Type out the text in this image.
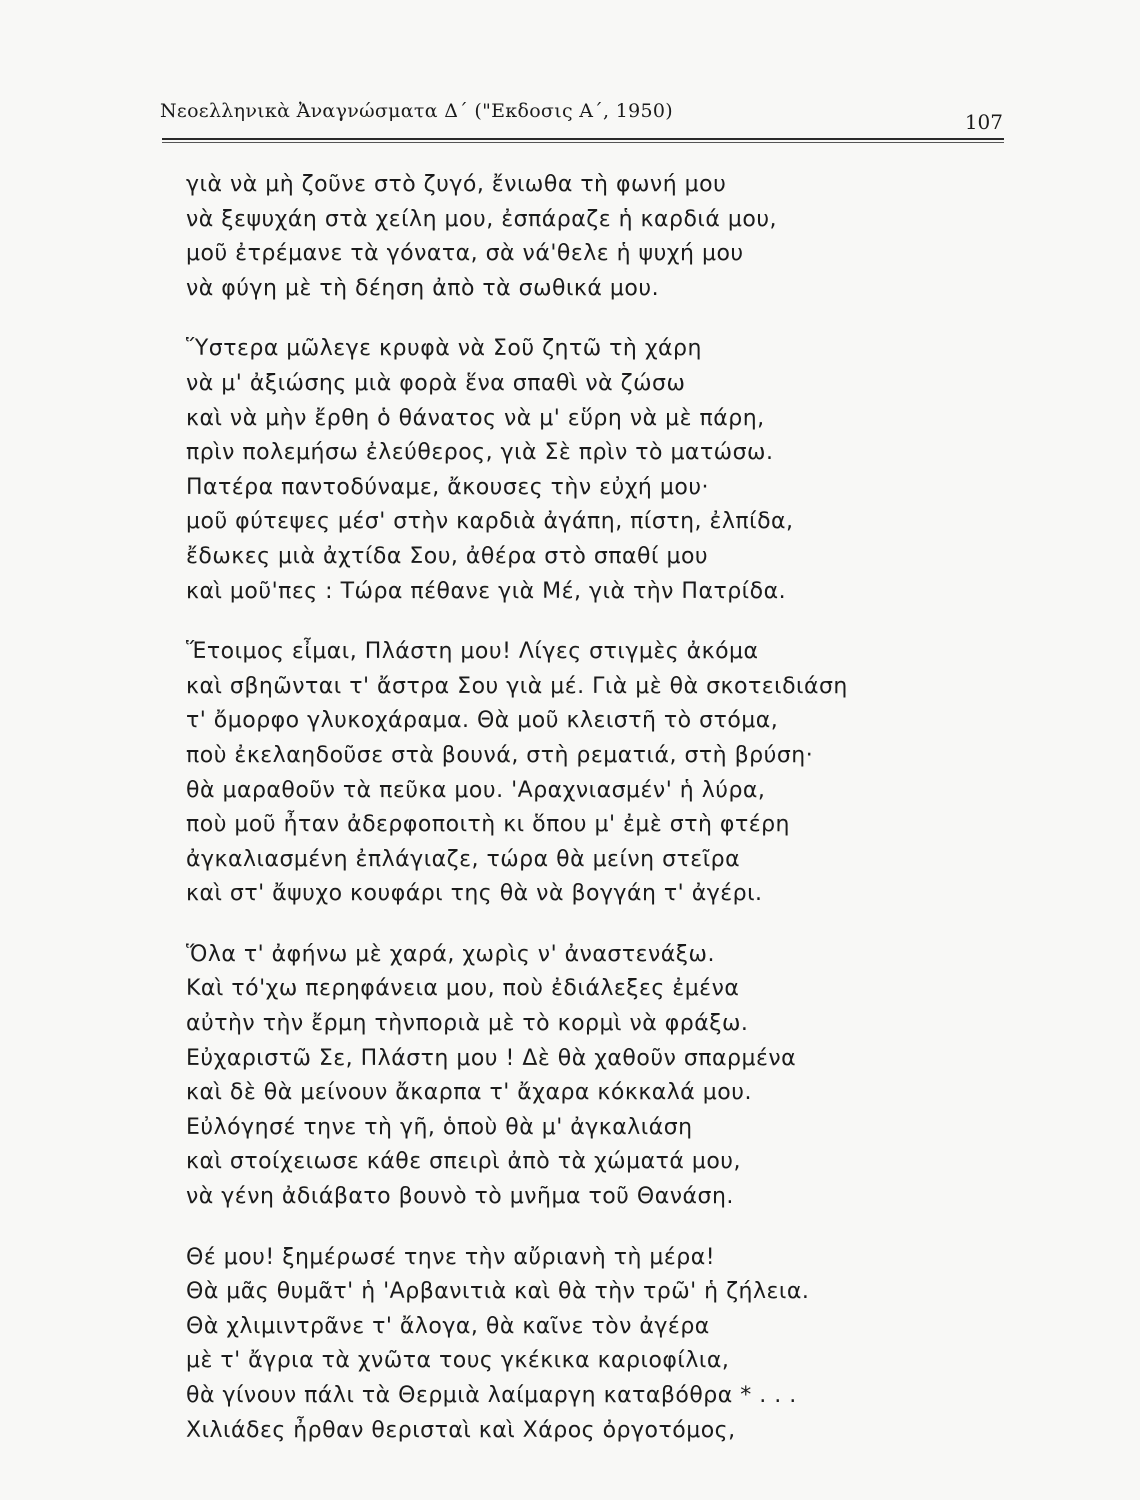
Νεοελληνικὰ Ἀναγνώσματα Δ΄ ("Εκδοσις Α΄, 1950)	107
γιὰ νὰ μὴ ζοῦνε στὸ ζυγό, ἔνιωθα τὴ φωνή μου
νὰ ξεψυχάη στὰ χείλη μου, ἐσπάραζε ἡ καρδιά μου,
μοῦ ἐτρέμανε τὰ γόνατα, σὰ νά'θελε ἡ ψυχή μου
νὰ φύγη μὲ τὴ δέηση ἀπὸ τὰ σωθικά μου.
Ὕστερα μῶλεγε κρυφὰ νὰ Σοῦ ζητῶ τὴ χάρη
νὰ μ' ἀξιώσης μιὰ φορὰ ἕνα σπαθὶ νὰ ζώσω
καὶ νὰ μὴν ἔρθη ὁ θάνατος νὰ μ' εὕρη νὰ μὲ πάρη,
πρὶν πολεμήσω ἐλεύθερος, γιὰ Σὲ πρὶν τὸ ματώσω.
Πατέρα παντοδύναμε, ἄκουσες τὴν εὐχή μου·
μοῦ φύτεψες μέσ' στὴν καρδιὰ ἀγάπη, πίστη, ἐλπίδα,
ἔδωκες μιὰ ἀχτίδα Σου, ἀθέρα στὸ σπαθί μου
καὶ μοῦ'πες : Τώρα πέθανε γιὰ Μέ, γιὰ τὴν Πατρίδα.
Ἕτοιμος εἶμαι, Πλάστη μου! Λίγες στιγμὲς ἀκόμα
καὶ σβηῶνται τ' ἄστρα Σου γιὰ μέ. Γιὰ μὲ θὰ σκοτειδιάση
τ' ὄμορφο γλυκοχάραμα. Θὰ μοῦ κλειστῆ τὸ στόμα,
ποὺ ἐκελαηδοῦσε στὰ βουνά, στὴ ρεματιά, στὴ βρύση·
θὰ μαραθοῦν τὰ πεῦκα μου. 'Αραχνιασμέν' ἡ λύρα,
ποὺ μοῦ ἦταν ἀδερφοποιτὴ κι ὅπου μ' ἐμὲ στὴ φτέρη
ἀγκαλιασμένη ἐπλάγιαζε, τώρα θὰ μείνη στεῖρα
καὶ στ' ἄψυχο κουφάρι της θὰ νὰ βογγάη τ' ἀγέρι.
Ὅλα τ' ἀφήνω μὲ χαρά, χωρὶς ν' ἀναστενάξω.
Καὶ τό'χω περηφάνεια μου, ποὺ ἐδιάλεξες ἐμένα
αὐτὴν τὴν ἔρμη τὴνποριὰ μὲ τὸ κορμὶ νὰ φράξω.
Εὐχαριστῶ Σε, Πλάστη μου ! Δὲ θὰ χαθοῦν σπαρμένα
καὶ δὲ θὰ μείνουν ἄκαρπα τ' ἄχαρα κόκκαλά μου.
Εὐλόγησέ τηνε τὴ γῆ, ὁποὺ θὰ μ' ἀγκαλιάση
καὶ στοίχειωσε κάθε σπειρὶ ἀπὸ τὰ χώματά μου,
νὰ γένη ἀδιάβατο βουνὸ τὸ μνῆμα τοῦ Θανάση.
Θέ μου! ξημέρωσέ τηνε τὴν αὔριανὴ τὴ μέρα!
Θὰ μᾶς θυμᾶτ' ἡ 'Αρβανιτιὰ καὶ θὰ τὴν τρῶ' ἡ ζήλεια.
Θὰ χλιμιντρᾶνε τ' ἄλογα, θὰ καῖνε τὸν ἀγέρα
μὲ τ' ἄγρια τὰ χνῶτα τους γκέκικα καριοφίλια,
θὰ γίνουν πάλι τὰ Θερμιὰ λαίμαργη καταβόθρα * . . .
Χιλιάδες ἦρθαν θερισταὶ καὶ Χάρος ὀργοτόμος,
